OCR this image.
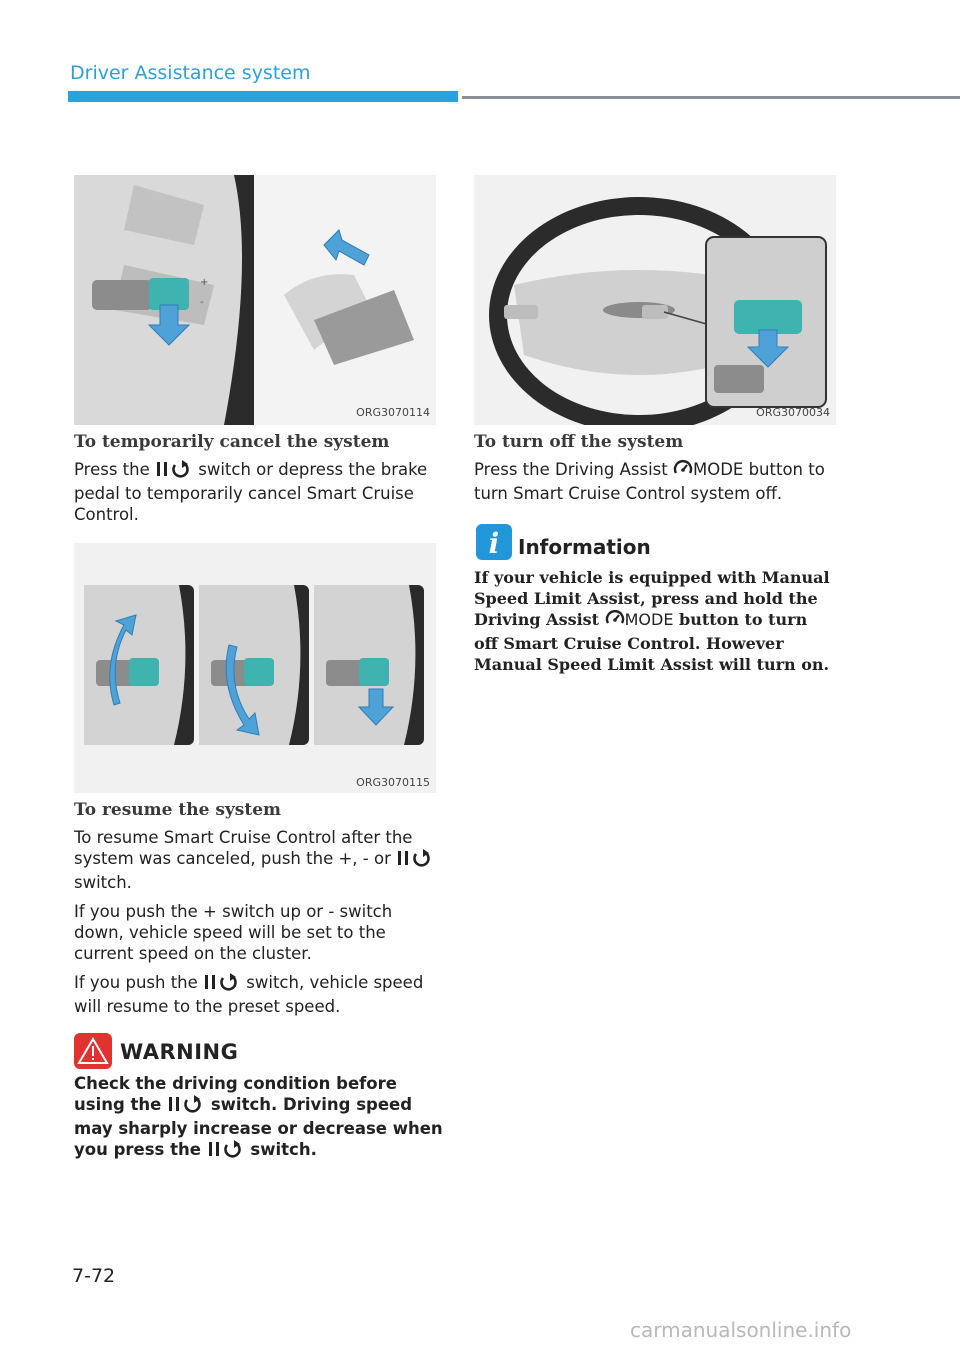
Driver Assistance system
+
-
ORG3070114
To temporarily cancel the system

Press the  switch or depress the brake pedal to temporarily cancel Smart Cruise Control.

ORG3070115
To resume the system

To resume Smart Cruise Control after the system was canceled, push the +, - or  switch.

If you push the + switch up or - switch down, vehicle speed will be set to the current speed on the cluster.

If you push the  switch, vehicle speed will resume to the preset speed.

WARNING
Check the driving condition before using the  switch. Driving speed may sharply increase or decrease when you press the  switch.
ORG3070034
To turn off the system

Press the Driving Assist MODE button to turn Smart Cruise Control system off.

i Information
If your vehicle is equipped with Manual Speed Limit Assist, press and hold the Driving Assist MODE button to turn off Smart Cruise Control. However Manual Speed Limit Assist will turn on.
7-72
carmanualsonline.info
